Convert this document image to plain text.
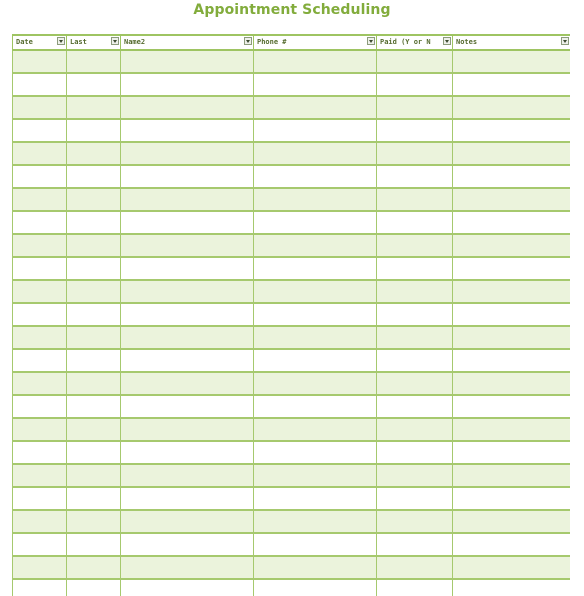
Appointment Scheduling
Date	Last	Name2	Phone #	Paid (Y or N	Notes
